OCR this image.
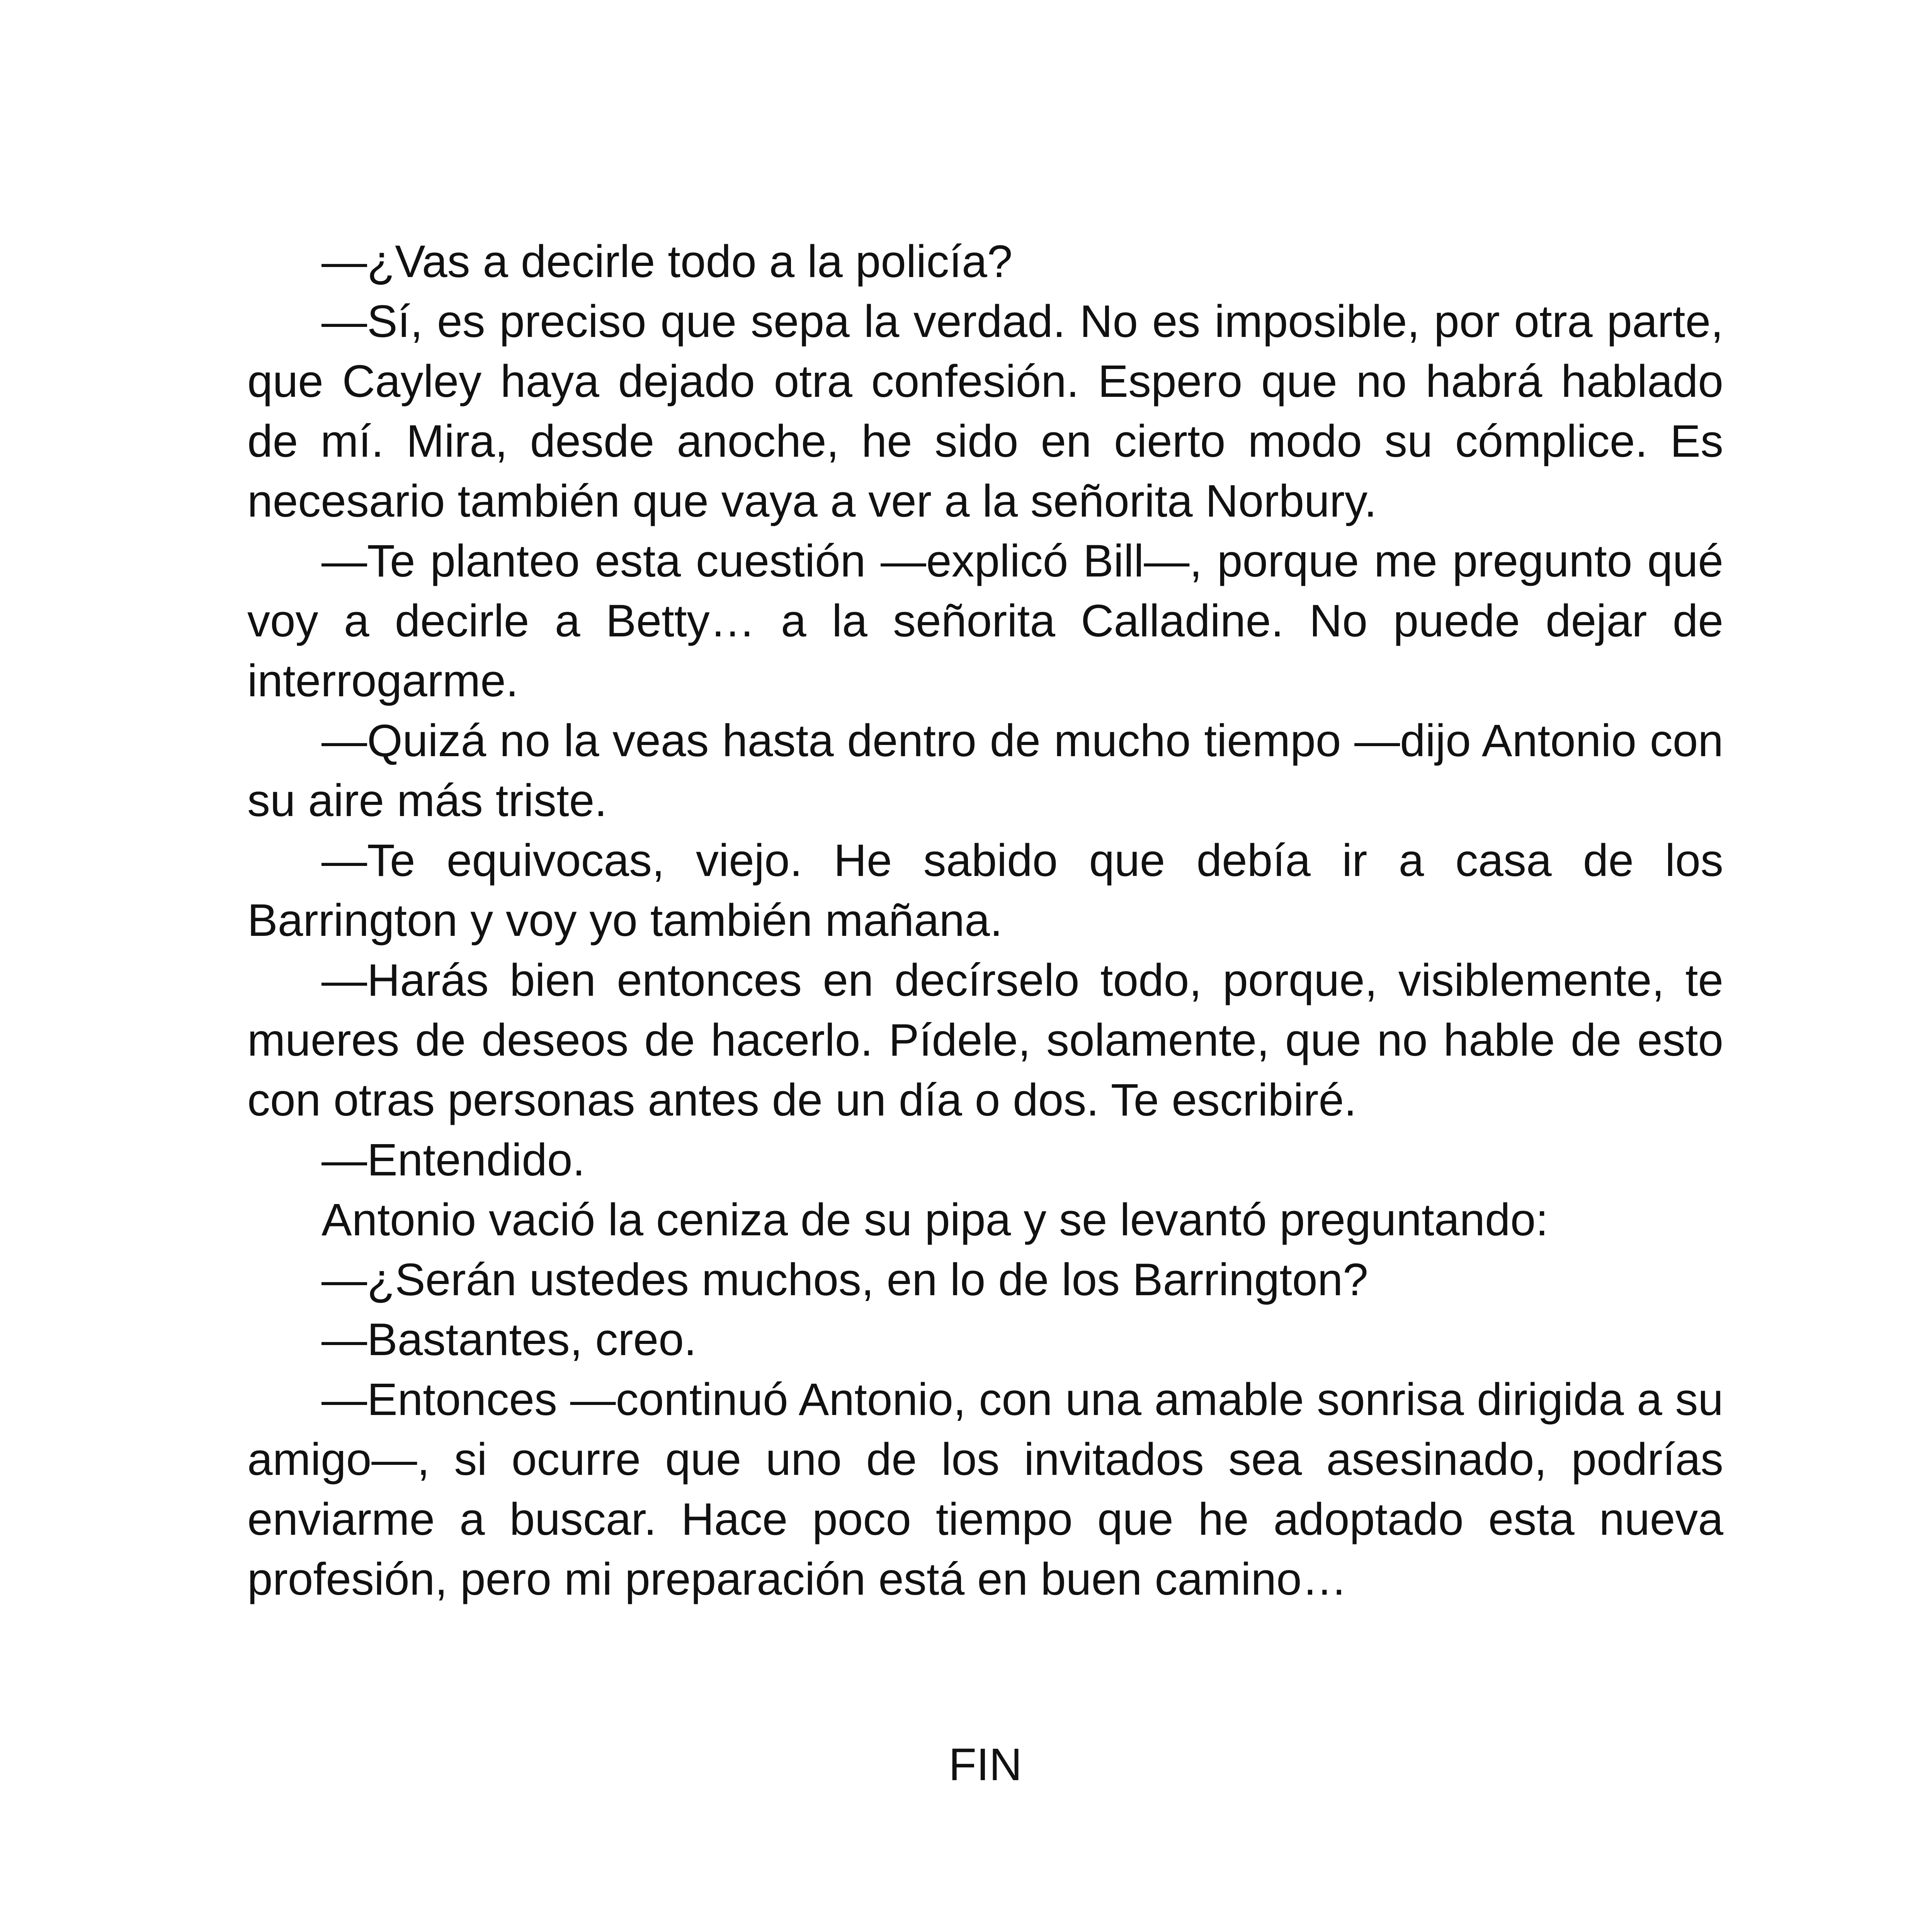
—¿Vas a decirle todo a la policía?

—Sí, es preciso que sepa la verdad. No es imposible, por otra parte, que Cayley haya dejado otra confesión. Espero que no habrá hablado de mí. Mira, desde anoche, he sido en cierto modo su cómplice. Es necesario también que vaya a ver a la señorita Norbury.

—Te planteo esta cuestión —explicó Bill—, porque me pregunto qué voy a decirle a Betty… a la señorita Calladine. No puede dejar de interrogarme.

—Quizá no la veas hasta dentro de mucho tiempo —dijo Antonio con su aire más triste.

—Te equivocas, viejo. He sabido que debía ir a casa de los Barrington y voy yo también mañana.

—Harás bien entonces en decírselo todo, porque, visiblemente, te mueres de deseos de hacerlo. Pídele, solamente, que no hable de esto con otras personas antes de un día o dos. Te escribiré.

—Entendido.

Antonio vació la ceniza de su pipa y se levantó preguntando:

—¿Serán ustedes muchos, en lo de los Barrington?

—Bastantes, creo.

—Entonces —continuó Antonio, con una amable sonrisa dirigida a su amigo—, si ocurre que uno de los invitados sea asesinado, podrías enviarme a buscar. Hace poco tiempo que he adoptado esta nueva profesión, pero mi preparación está en buen camino…

FIN
